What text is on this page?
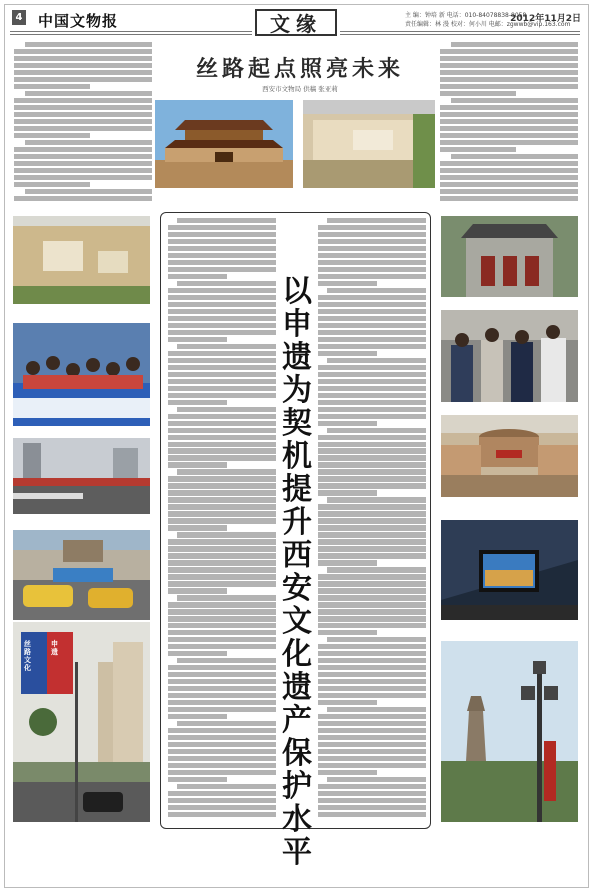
4 中国文物报	文缘	主 编：钟培 新 电话：010-84078838-8058
责任编辑：林 漫 校对：何小川 电邮：zgwwb@vip.163.com
2012年11月2日
丝路起点照亮未来
西安市文物局 供稿 张亚莉
以申遗为契机提升西安文化遗产保护水平
丝路文化
申遗
